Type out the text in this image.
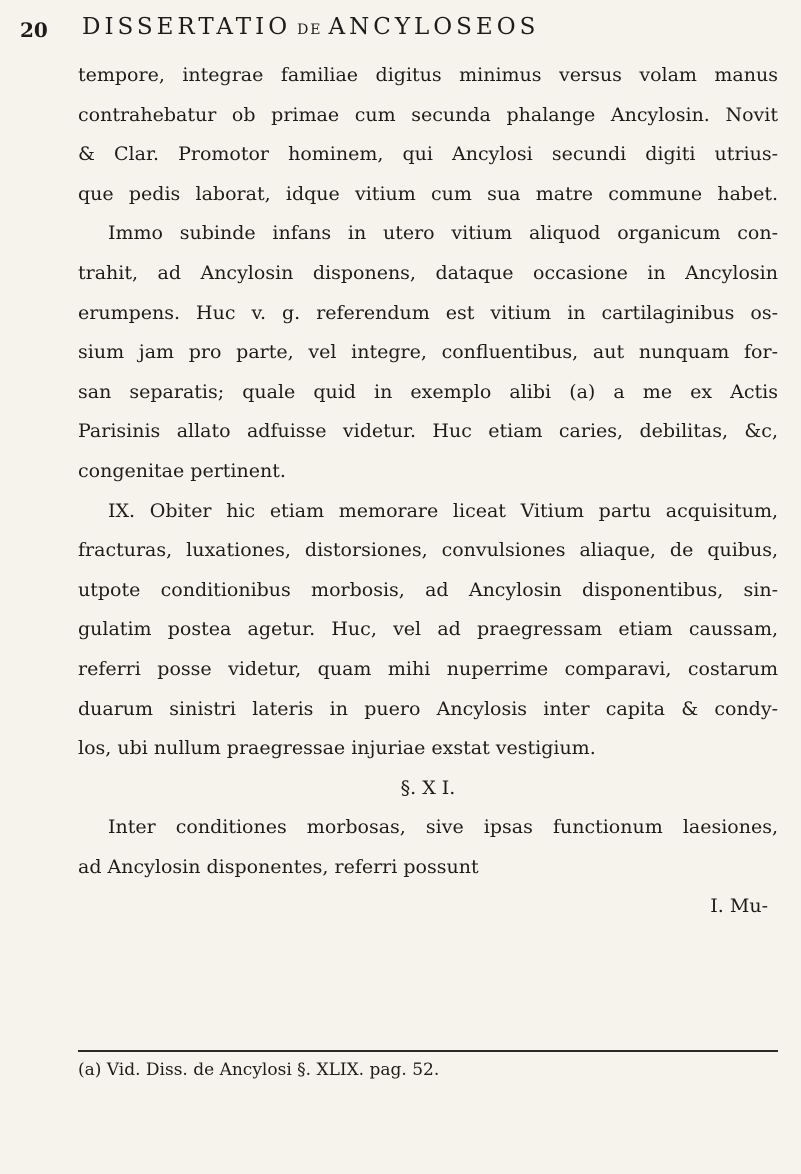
20 DISSERTATIO DE ANCYLOSEOS
tempore, integrae familiae digitus minimus versus volam manus
contrahebatur ob primae cum secunda phalange Ancylosin. Novit
& Clar. Promotor hominem, qui Ancylosi secundi digiti utrius-
que pedis laborat, idque vitium cum sua matre commune habet.
Immo subinde infans in utero vitium aliquod organicum con-
trahit, ad Ancylosin disponens, dataque occasione in Ancylosin
erumpens. Huc v. g. referendum est vitium in cartilaginibus os-
sium jam pro parte, vel integre, confluentibus, aut nunquam for-
san separatis; quale quid in exemplo alibi (a) a me ex Actis
Parisinis allato adfuisse videtur. Huc etiam caries, debilitas, &c,
congenitae pertinent.
IX. Obiter hic etiam memorare liceat Vitium partu acquisitum,
fracturas, luxationes, distorsiones, convulsiones aliaque, de quibus,
utpote conditionibus morbosis, ad Ancylosin disponentibus, sin-
gulatim postea agetur. Huc, vel ad praegressam etiam caussam,
referri posse videtur, quam mihi nuperrime comparavi, costarum
duarum sinistri lateris in puero Ancylosis inter capita & condy-
los, ubi nullum praegressae injuriae exstat vestigium.
§. X I.
Inter conditiones morbosas, sive ipsas functionum laesiones,
ad Ancylosin disponentes, referri possunt
I. Mu-
(a) Vid. Diss. de Ancylosi §. XLIX. pag. 52.
